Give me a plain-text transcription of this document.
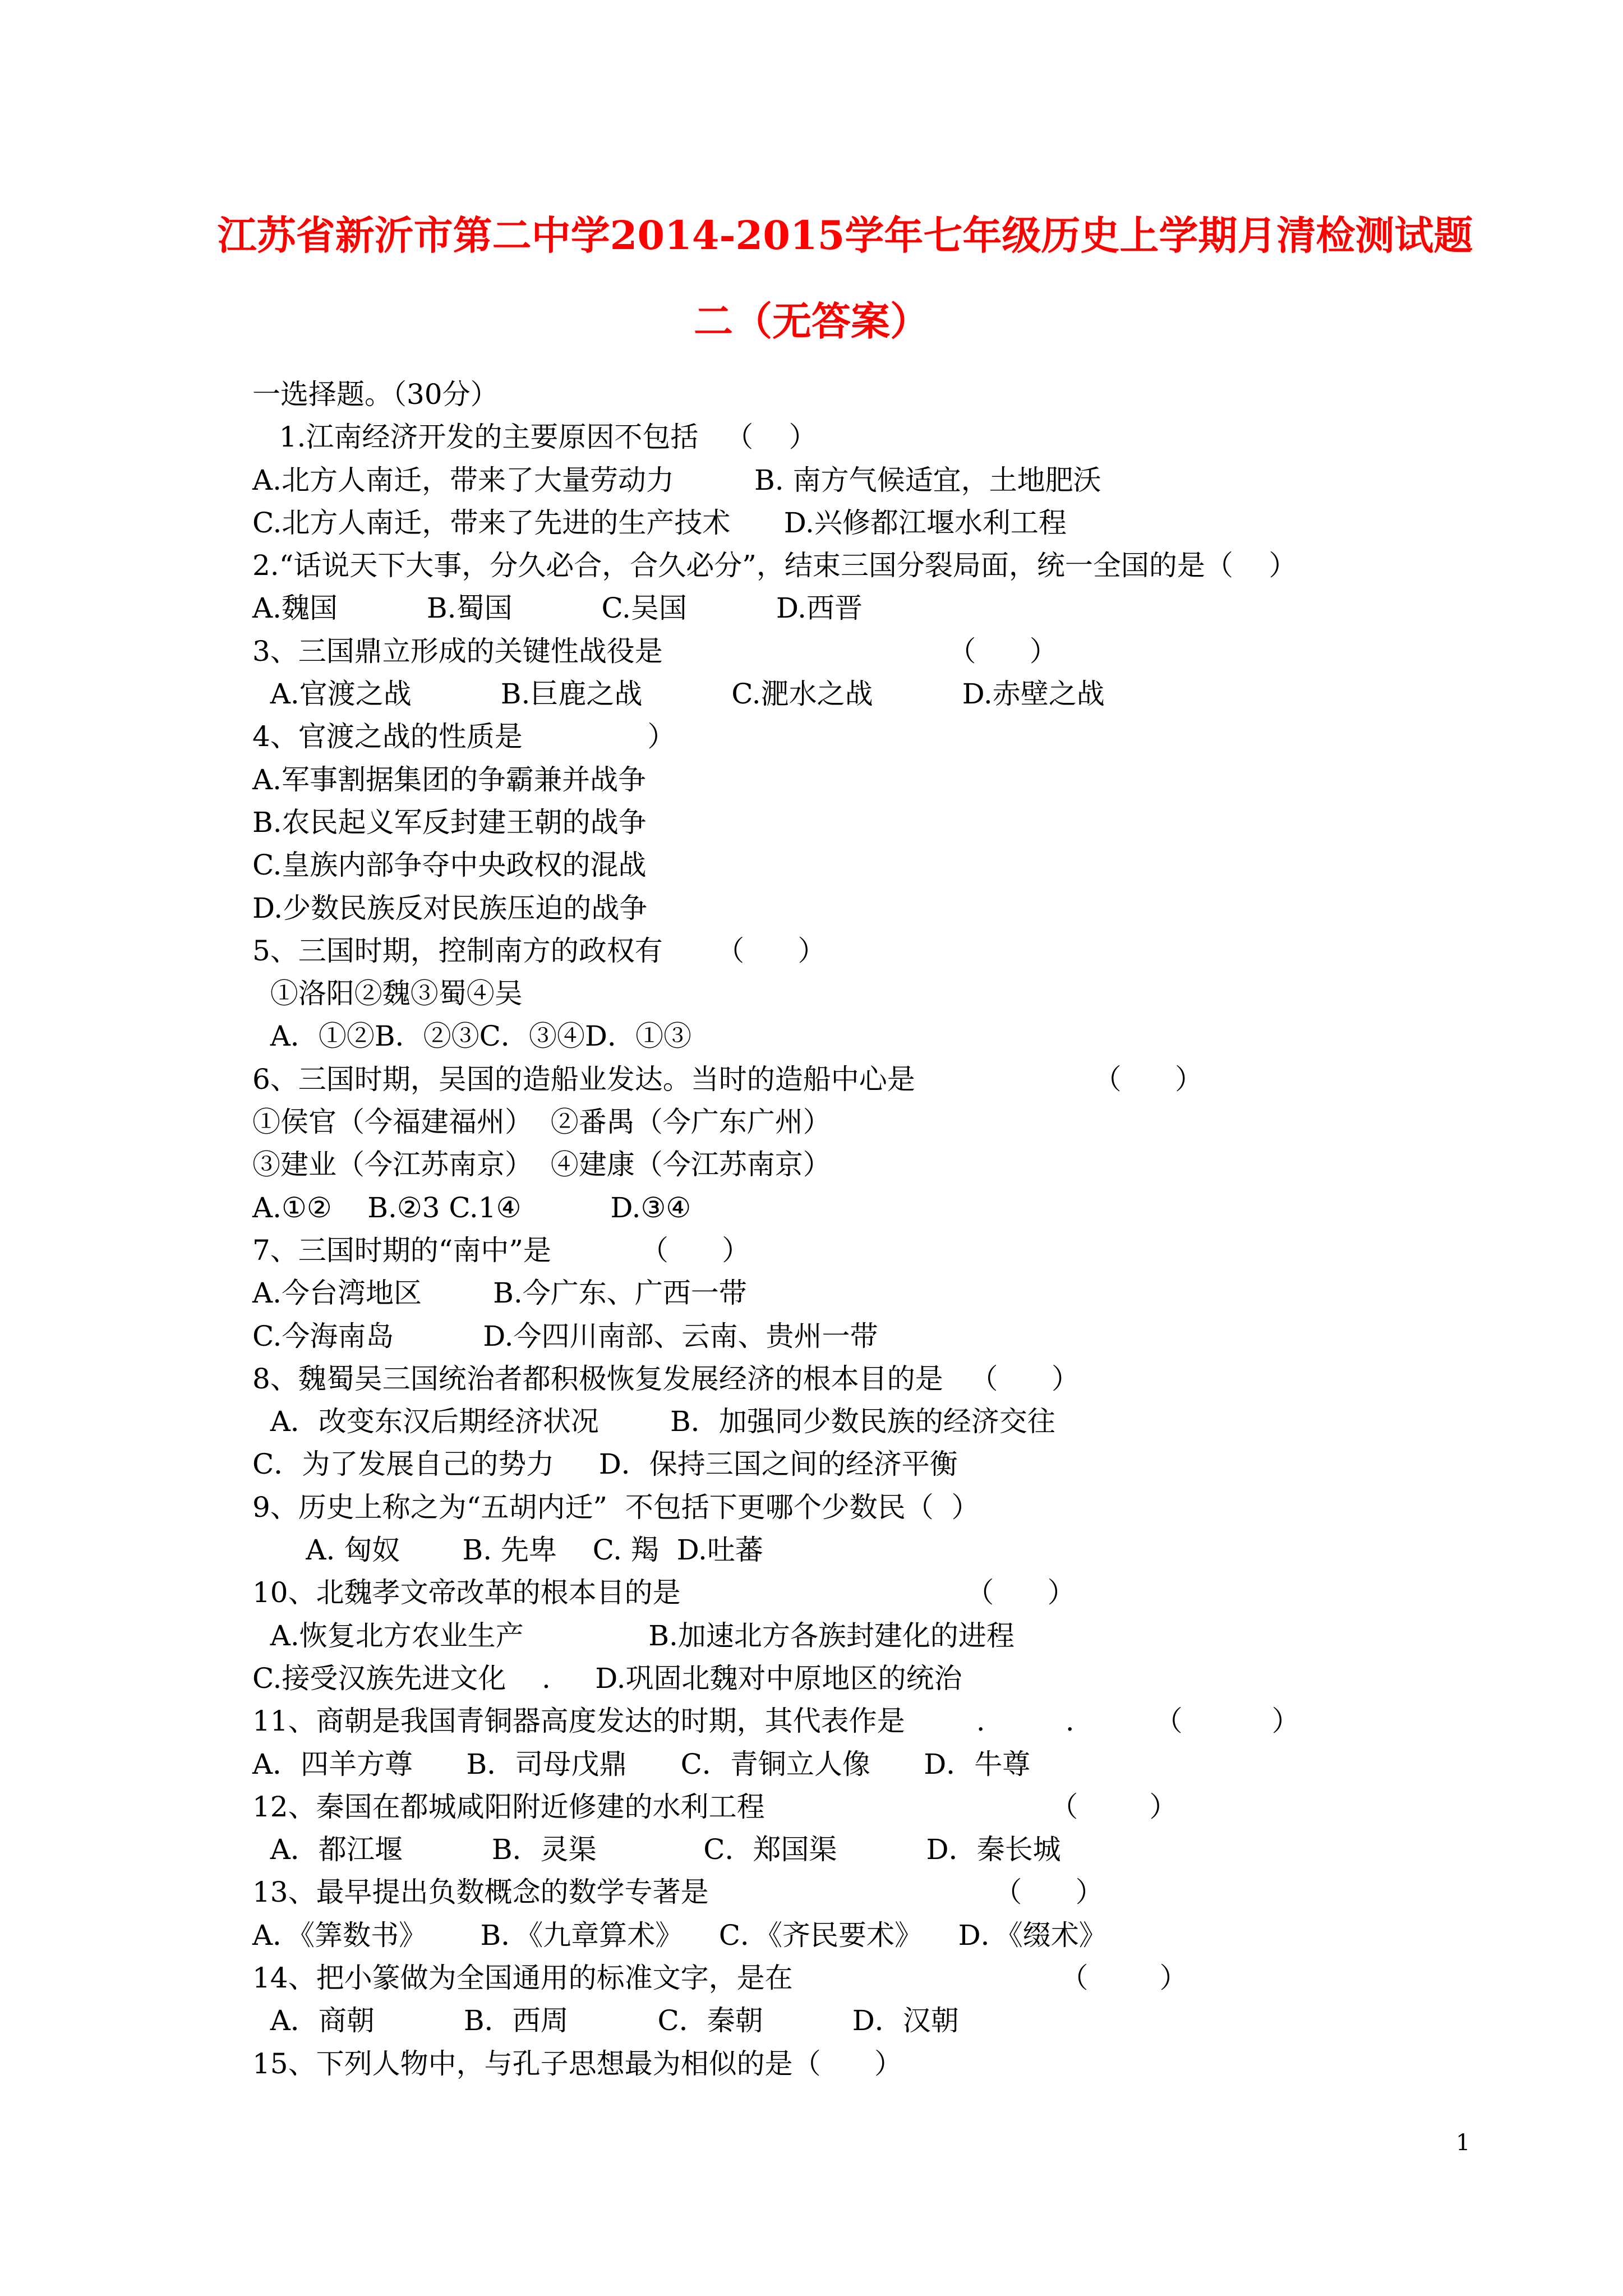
江苏省新沂市第二中学2014-2015学年七年级历史上学期月清检测试题
二（无答案）
一选择题。（30分）
1.江南经济开发的主要原因不包括   （    ）
A.北方人南迁，带来了大量劳动力         B. 南方气候适宜，土地肥沃
C.北方人南迁，带来了先进的生产技术      D.兴修都江堰水利工程
2.“话说天下大事，分久必合，合久必分”，结束三国分裂局面，统一全国的是（    ）
A.魏国          B.蜀国          C.吴国          D.西晋
3、三国鼎立形成的关键性战役是                                （      ）
A.官渡之战          B.巨鹿之战          C.淝水之战          D.赤壁之战
4、官渡之战的性质是              ）
A.军事割据集团的争霸兼并战争
B.农民起义军反封建王朝的战争
C.皇族内部争夺中央政权的混战
D.少数民族反对民族压迫的战争
5、三国时期，控制南方的政权有      （      ）
①洛阳②魏③蜀④吴
A．①②B．②③C．③④D．①③
6、三国时期，吴国的造船业发达。当时的造船中心是                    （      ）
①侯官（今福建福州）  ②番禺（今广东广州）
③建业（今江苏南京）  ④建康（今江苏南京）
A.①②    B.②3 C.1④          D.③④
7、三国时期的“南中”是          （      ）
A.今台湾地区        B.今广东、广西一带
C.今海南岛          D.今四川南部、云南、贵州一带
8、魏蜀吴三国统治者都积极恢复发展经济的根本目的是   （      ）
A．改变东汉后期经济状况        B．加强同少数民族的经济交往
C．为了发展自己的势力     D．保持三国之间的经济平衡
9、历史上称之为“五胡内迁”  不包括下更哪个少数民（  ）
A. 匈奴       B. 先卑    C. 羯  D.吐蕃
10、北魏孝文帝改革的根本目的是                                （      ）
A.恢复北方农业生产              B.加速北方各族封建化的进程
C.接受汉族先进文化    .     D.巩固北魏对中原地区的统治
11、商朝是我国青铜器高度发达的时期，其代表作是        .         .         （          ）
A．四羊方尊      B．司母戊鼎      C．青铜立人像      D．牛尊
12、秦国在都城咸阳附近修建的水利工程                                （        ）
A．都江堰          B．灵渠            C．郑国渠          D．秦长城
13、最早提出负数概念的数学专著是                                （      ）
A．《筭数书》      B．《九章算术》    C．《齐民要术》    D．《缀术》
14、把小篆做为全国通用的标准文字，是在                              （        ）
A．商朝          B．西周          C．秦朝          D．汉朝
15、下列人物中，与孔子思想最为相似的是（      ）
1
